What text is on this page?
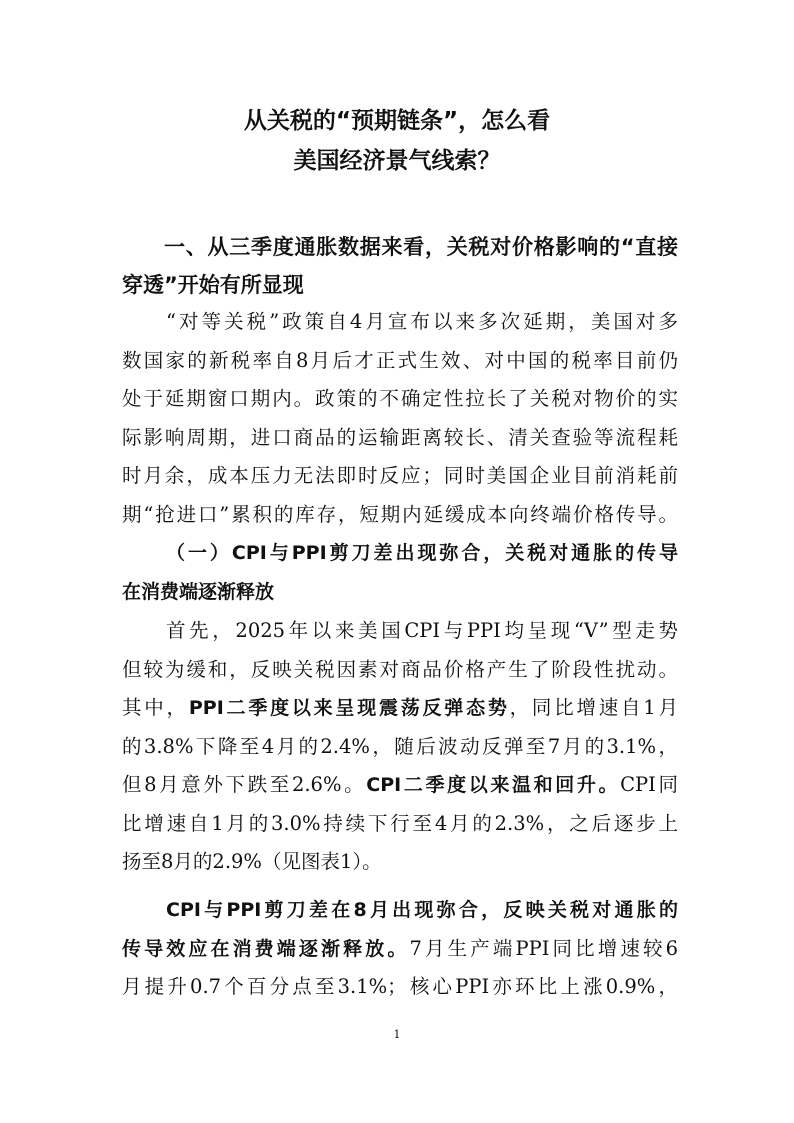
从关税的“预期链条”，怎么看
美国经济景气线索？
一、从三季度通胀数据来看，关税对价格影响的“直接
穿透”开始有所显现
“对等关税”政策自4月宣布以来多次延期，美国对多
数国家的新税率自8月后才正式生效、对中国的税率目前仍
处于延期窗口期内。政策的不确定性拉长了关税对物价的实
际影响周期，进口商品的运输距离较长、清关查验等流程耗
时月余，成本压力无法即时反应；同时美国企业目前消耗前
期“抢进口”累积的库存，短期内延缓成本向终端价格传导。
（一）CPI与PPI剪刀差出现弥合，关税对通胀的传导
在消费端逐渐释放
首先，2025年以来美国CPI与PPI均呈现“V”型走势
但较为缓和，反映关税因素对商品价格产生了阶段性扰动。
其中，PPI二季度以来呈现震荡反弹态势，同比增速自1月
的3.8%下降至4月的2.4%，随后波动反弹至7月的3.1%，
但8月意外下跌至2.6%。CPI二季度以来温和回升。CPI同
比增速自1月的3.0%持续下行至4月的2.3%，之后逐步上
扬至8月的2.9%（见图表1）。
CPI与PPI剪刀差在8月出现弥合，反映关税对通胀的
传导效应在消费端逐渐释放。7月生产端PPI同比增速较6
月提升0.7个百分点至3.1%；核心PPI亦环比上涨0.9%，
1
